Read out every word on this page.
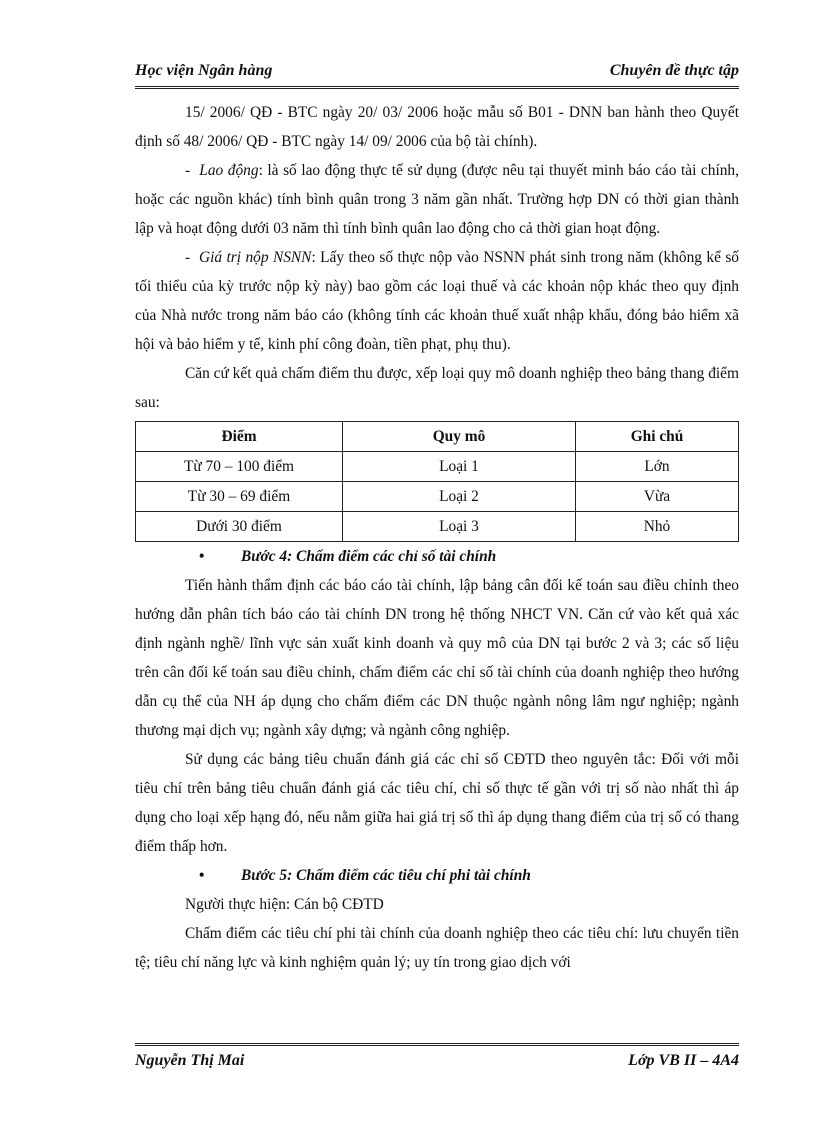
Học viện Ngân hàng	Chuyên đề thực tập

15/ 2006/ QĐ - BTC ngày 20/ 03/ 2006 hoặc mẫu số B01 - DNN ban hành theo Quyết định số 48/ 2006/ QĐ - BTC ngày 14/ 09/ 2006 của bộ tài chính).

- Lao động: là số lao động thực tế sử dụng (được nêu tại thuyết minh báo cáo tài chính, hoặc các nguồn khác) tính bình quân trong 3 năm gần nhất. Trường hợp DN có thời gian thành lập và hoạt động dưới 03 năm thì tính bình quân lao động cho cả thời gian hoạt động.

- Giá trị nộp NSNN: Lấy theo số thực nộp vào NSNN phát sinh trong năm (không kể số tối thiểu của kỳ trước nộp kỳ này) bao gồm các loại thuế và các khoản nộp khác theo quy định của Nhà nước trong năm báo cáo (không tính các khoản thuế xuất nhập khẩu, đóng bảo hiểm xã hội và bảo hiểm y tế, kinh phí công đoàn, tiền phạt, phụ thu).

Căn cứ kết quả chấm điểm thu được, xếp loại quy mô doanh nghiệp theo bảng thang điểm sau:

Điểm	Quy mô	Ghi chú
Từ 70 – 100 điểm	Loại 1	Lớn
Từ 30 – 69 điểm	Loại 2	Vừa
Dưới 30 điểm	Loại 3	Nhỏ

• Bước 4: Chấm điểm các chỉ số tài chính

Tiến hành thẩm định các báo cáo tài chính, lập bảng cân đối kế toán sau điều chỉnh theo hướng dẫn phân tích báo cáo tài chính DN trong hệ thống NHCT VN. Căn cứ vào kết quả xác định ngành nghề/ lĩnh vực sản xuất kinh doanh và quy mô của DN tại bước 2 và 3; các số liệu trên cân đối kế toán sau điều chỉnh, chấm điểm các chỉ số tài chính của doanh nghiệp theo hướng dẫn cụ thể của NH áp dụng cho chấm điểm các DN thuộc ngành nông lâm ngư nghiệp; ngành thương mại dịch vụ; ngành xây dựng; và ngành công nghiệp.

Sử dụng các bảng tiêu chuẩn đánh giá các chỉ số CĐTD theo nguyên tắc: Đối với mỗi tiêu chí trên bảng tiêu chuẩn đánh giá các tiêu chí, chỉ số thực tế gần với trị số nào nhất thì áp dụng cho loại xếp hạng đó, nếu nằm giữa hai giá trị số thì áp dụng thang điểm của trị số có thang điểm thấp hơn.

• Bước 5: Chấm điểm các tiêu chí phi tài chính

Người thực hiện: Cán bộ CĐTD

Chấm điểm các tiêu chí phi tài chính của doanh nghiệp theo các tiêu chí: lưu chuyển tiền tệ; tiêu chí năng lực và kinh nghiệm quản lý; uy tín trong giao dịch với

Nguyễn Thị Mai	Lớp VB II – 4A4
